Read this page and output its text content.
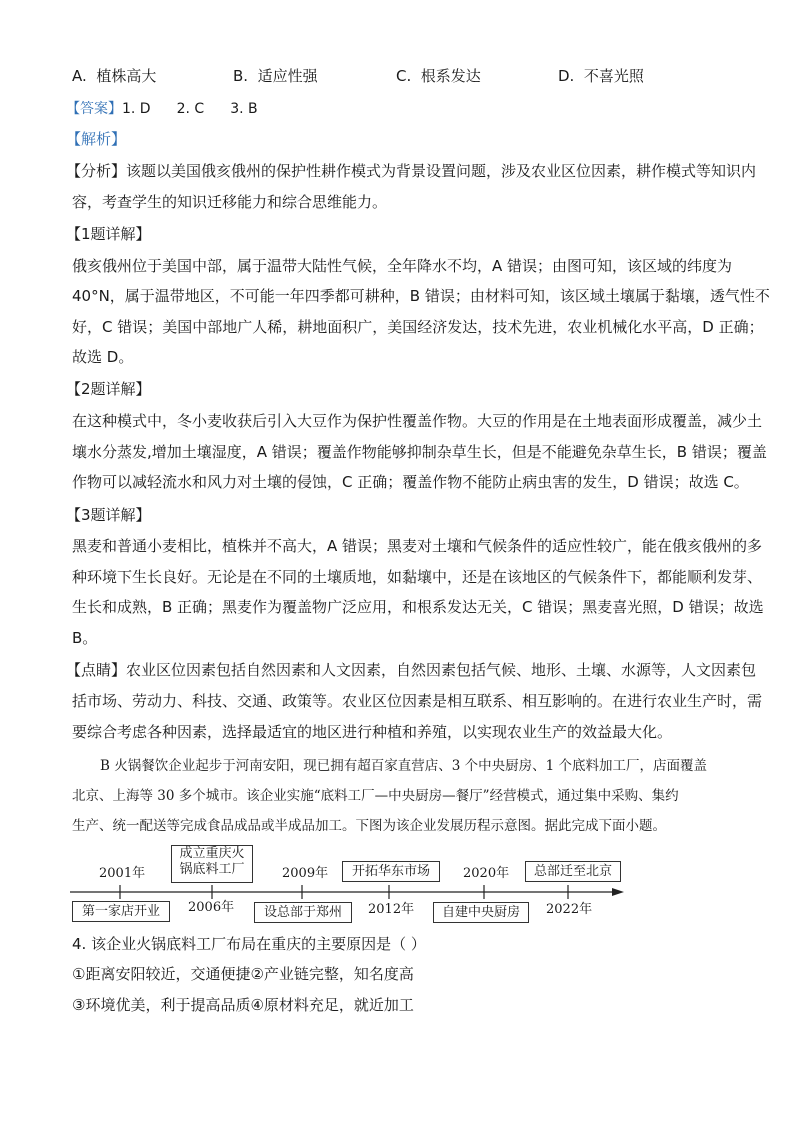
A. 植株高大	B. 适应性强	C. 根系发达	D. 不喜光照
【答案】1. D 2. C 3. B
【解析】
【分析】该题以美国俄亥俄州的保护性耕作模式为背景设置问题，涉及农业区位因素，耕作模式等知识内
容，考查学生的知识迁移能力和综合思维能力。
【1题详解】
俄亥俄州位于美国中部，属于温带大陆性气候，全年降水不均，A 错误；由图可知，该区域的纬度为
40°N，属于温带地区，不可能一年四季都可耕种，B 错误；由材料可知，该区域土壤属于黏壤，透气性不
好，C 错误；美国中部地广人稀，耕地面积广，美国经济发达，技术先进，农业机械化水平高，D 正确；
故选 D。
【2题详解】
在这种模式中，冬小麦收获后引入大豆作为保护性覆盖作物。大豆的作用是在土地表面形成覆盖，减少土
壤水分蒸发,增加土壤湿度，A 错误；覆盖作物能够抑制杂草生长，但是不能避免杂草生长，B 错误；覆盖
作物可以减轻流水和风力对土壤的侵蚀，C 正确；覆盖作物不能防止病虫害的发生，D 错误；故选 C。
【3题详解】
黑麦和普通小麦相比，植株并不高大，A 错误；黑麦对土壤和气候条件的适应性较广，能在俄亥俄州的多
种环境下生长良好。无论是在不同的土壤质地，如黏壤中，还是在该地区的气候条件下，都能顺利发芽、
生长和成熟，B 正确；黑麦作为覆盖物广泛应用，和根系发达无关，C 错误；黑麦喜光照，D 错误；故选
B。
【点睛】农业区位因素包括自然因素和人文因素，自然因素包括气候、地形、土壤、水源等，人文因素包
括市场、劳动力、科技、交通、政策等。农业区位因素是相互联系、相互影响的。在进行农业生产时，需
要综合考虑各种因素，选择最适宜的地区进行种植和养殖，以实现农业生产的效益最大化。
B 火锅餐饮企业起步于河南安阳，现已拥有超百家直营店、3 个中央厨房、1 个底料加工厂，店面覆盖
北京、上海等 30 多个城市。该企业实施“底料工厂—中央厨房—餐厅”经营模式，通过集中采购、集约
生产、统一配送等完成食品成品或半成品加工。下图为该企业发展历程示意图。据此完成下面小题。
2001年
2006年
2009年
2012年
2020年
2022年
第一家店开业
成立重庆火
锅底料工厂
设总部于郑州
开拓华东市场
自建中央厨房
总部迁至北京
4. 该企业火锅底料工厂布局在重庆的主要原因是（ ）
①距离安阳较近，交通便捷②产业链完整，知名度高
③环境优美，利于提高品质④原材料充足，就近加工
